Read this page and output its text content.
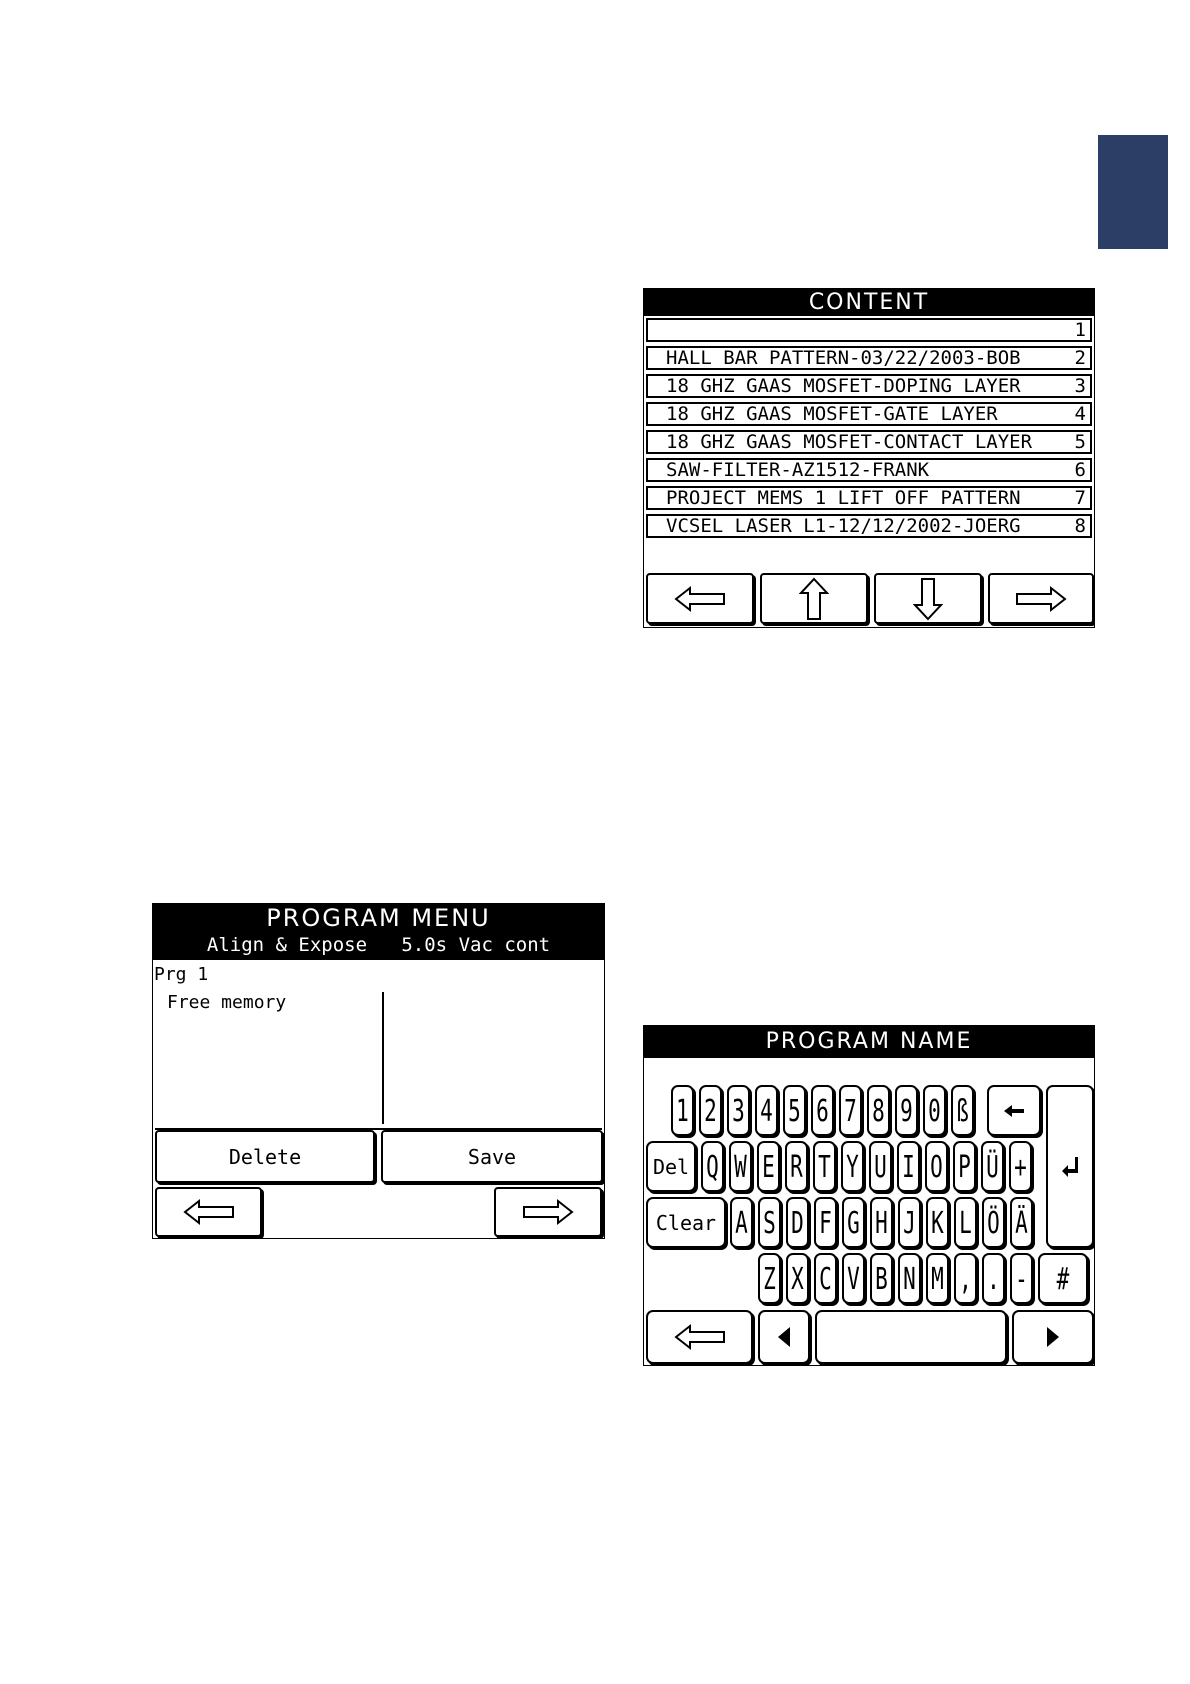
CONTENT
1
HALL BAR PATTERN-03/22/2003-BOB	2
18 GHZ GAAS MOSFET-DOPING LAYER	3
18 GHZ GAAS MOSFET-GATE LAYER	4
18 GHZ GAAS MOSFET-CONTACT LAYER 5
SAW-FILTER-AZ1512-FRANK	6
PROJECT MEMS 1 LIFT OFF PATTERN	7
VCSEL LASER L1-12/12/2002-JOERG	8
PROGRAM MENU
Align & Expose   5.0s Vac cont
Prg 1
Free memory
Delete	Save
PROGRAM NAME
Del
Clear
1 2 3 4 5 6 7 8 9 0 ß
Q W E R T Y U I O P Ü +
A S D F G H J K L Ö Ä
Z X C V B N M , . - #
